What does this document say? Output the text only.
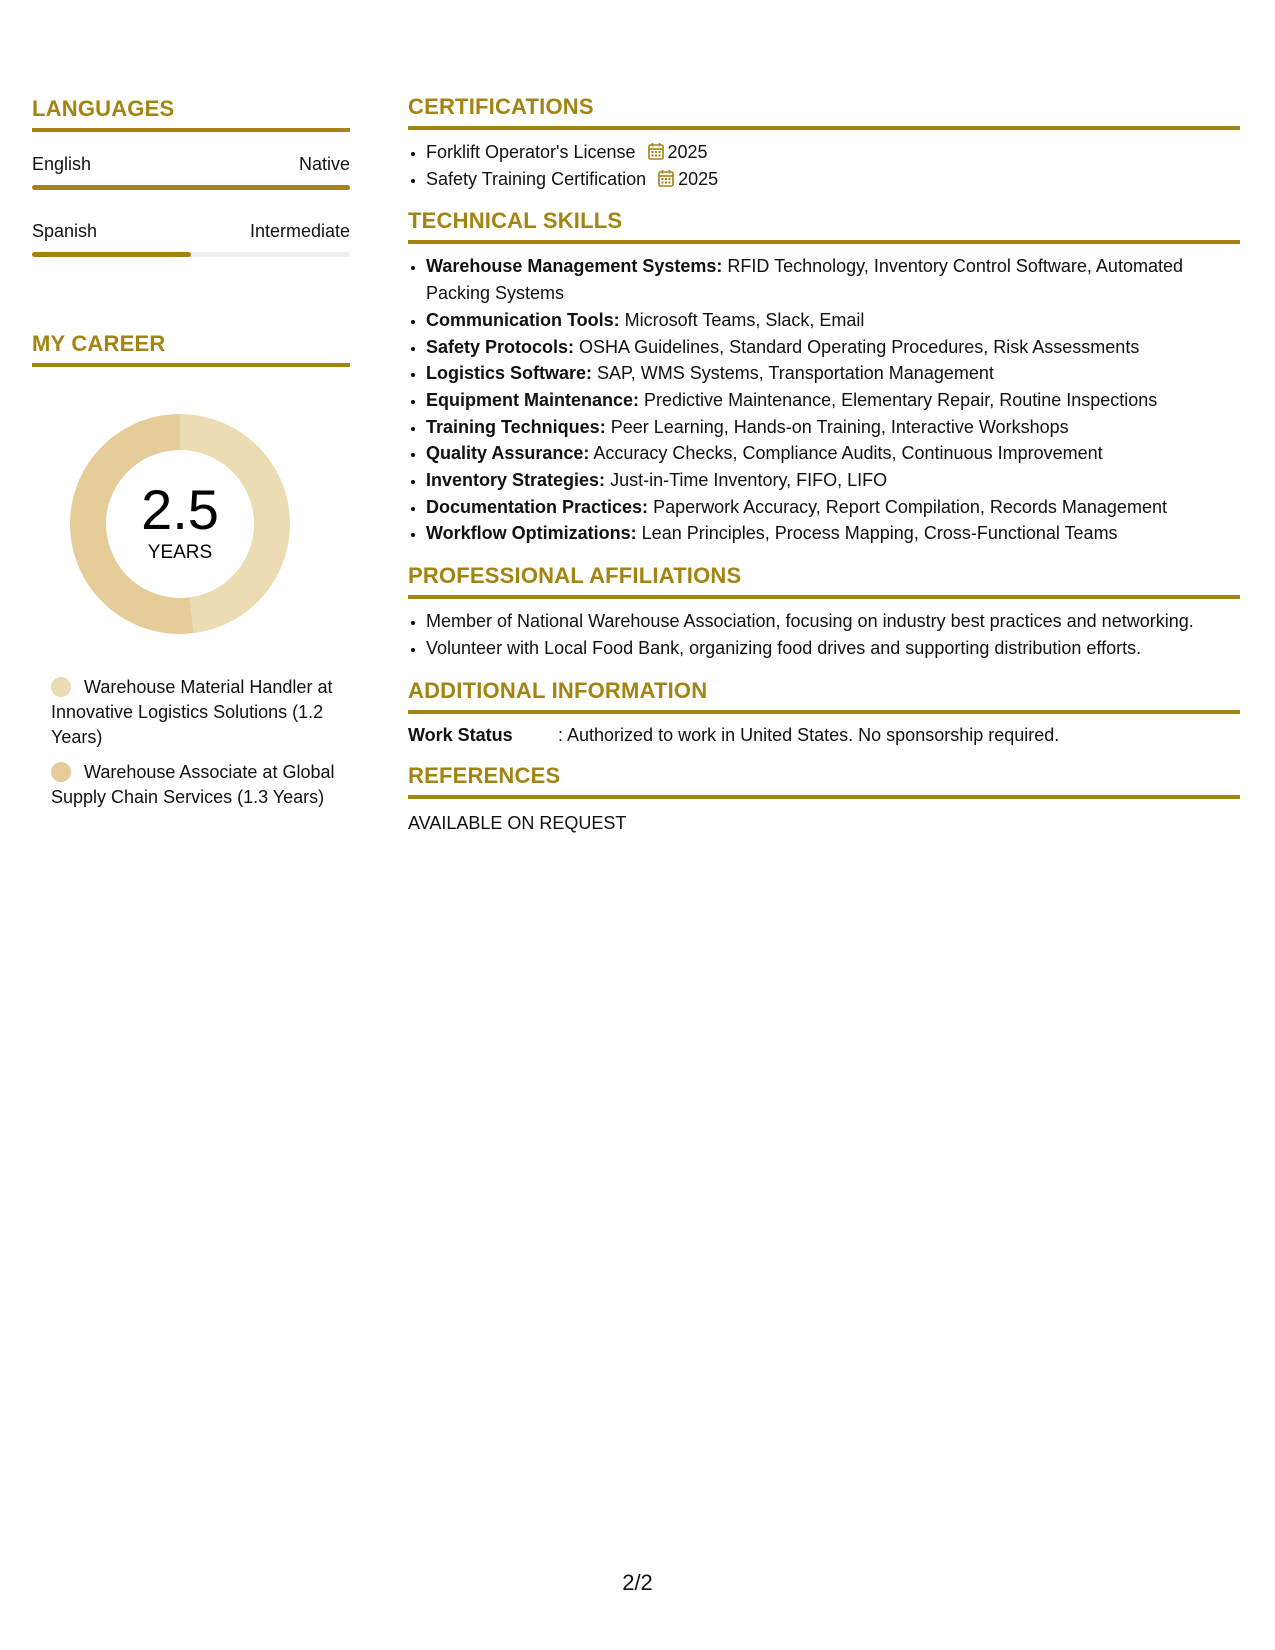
LANGUAGES
English	Native
Spanish	Intermediate
MY CAREER
2.5
YEARS
Warehouse Material Handler at Innovative Logistics Solutions (1.2 Years)
Warehouse Associate at Global Supply Chain Services (1.3 Years)
CERTIFICATIONS
• Forklift Operator's License 2025
• Safety Training Certification 2025
TECHNICAL SKILLS
• Warehouse Management Systems: RFID Technology, Inventory Control Software, Automated Packing Systems
• Communication Tools: Microsoft Teams, Slack, Email
• Safety Protocols: OSHA Guidelines, Standard Operating Procedures, Risk Assessments
• Logistics Software: SAP, WMS Systems, Transportation Management
• Equipment Maintenance: Predictive Maintenance, Elementary Repair, Routine Inspections
• Training Techniques: Peer Learning, Hands-on Training, Interactive Workshops
• Quality Assurance: Accuracy Checks, Compliance Audits, Continuous Improvement
• Inventory Strategies: Just-in-Time Inventory, FIFO, LIFO
• Documentation Practices: Paperwork Accuracy, Report Compilation, Records Management
• Workflow Optimizations: Lean Principles, Process Mapping, Cross-Functional Teams
PROFESSIONAL AFFILIATIONS
• Member of National Warehouse Association, focusing on industry best practices and networking.
• Volunteer with Local Food Bank, organizing food drives and supporting distribution efforts.
ADDITIONAL INFORMATION
Work Status	: Authorized to work in United States. No sponsorship required.
REFERENCES
AVAILABLE ON REQUEST
2/2
